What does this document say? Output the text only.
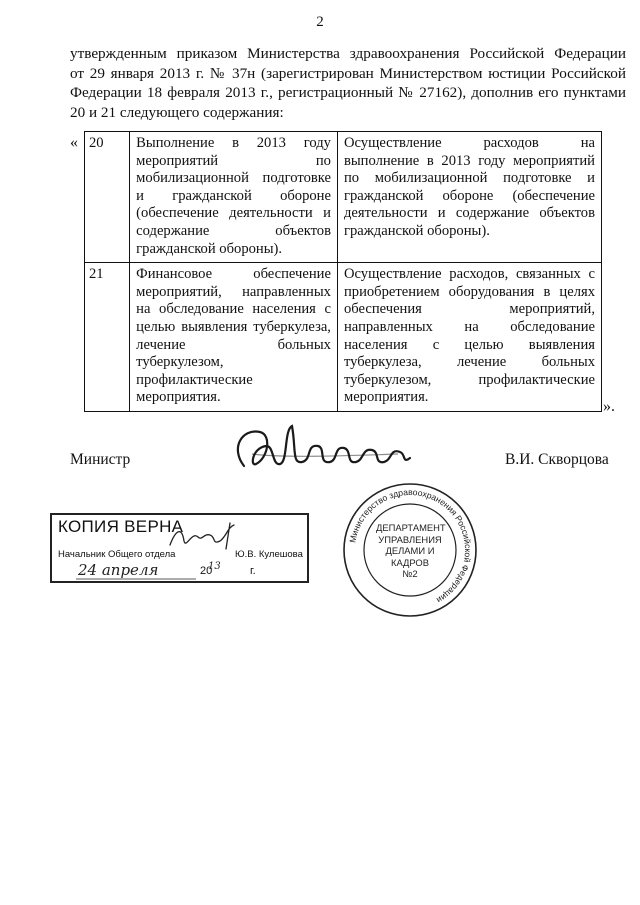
2
утвержденным приказом Министерства здравоохранения Российской Федерации
от 29 января 2013 г. № 37н (зарегистрирован Министерством юстиции Российской
Федерации 18 февраля 2013 г., регистрационный № 27162), дополнив его пунктами
20 и 21 следующего содержания:
« 20	Выполнение в 2013 году мероприятий по мобилизационной подготовке и гражданской обороне (обеспечение деятельности и содержание объектов гражданской обороны).	Осуществление расходов на выполнение в 2013 году мероприятий по мобилизационной подготовке и гражданской обороне (обеспечение деятельности и содержание объектов гражданской обороны).

21	Финансовое обеспечение мероприятий, направленных на обследование населения с целью выявления туберкулеза, лечение больных туберкулезом, профилактические мероприятия.	Осуществление расходов, связанных с приобретением оборудования в целях обеспечения мероприятий, направленных на обследование населения с целью выявления туберкулеза, лечение больных туберкулезом, профилактические мероприятия.
».
Министр	В.И. Скворцова
КОПИЯ ВЕРНА
Начальник Общего отдела	Ю.В. Кулешова
24 апреля	13
20	г.
Министерство здравоохранения Российской Федерации
ДЕПАРТАМЕНТ
УПРАВЛЕНИЯ
ДЕЛАМИ И КАДРОВ
№2
